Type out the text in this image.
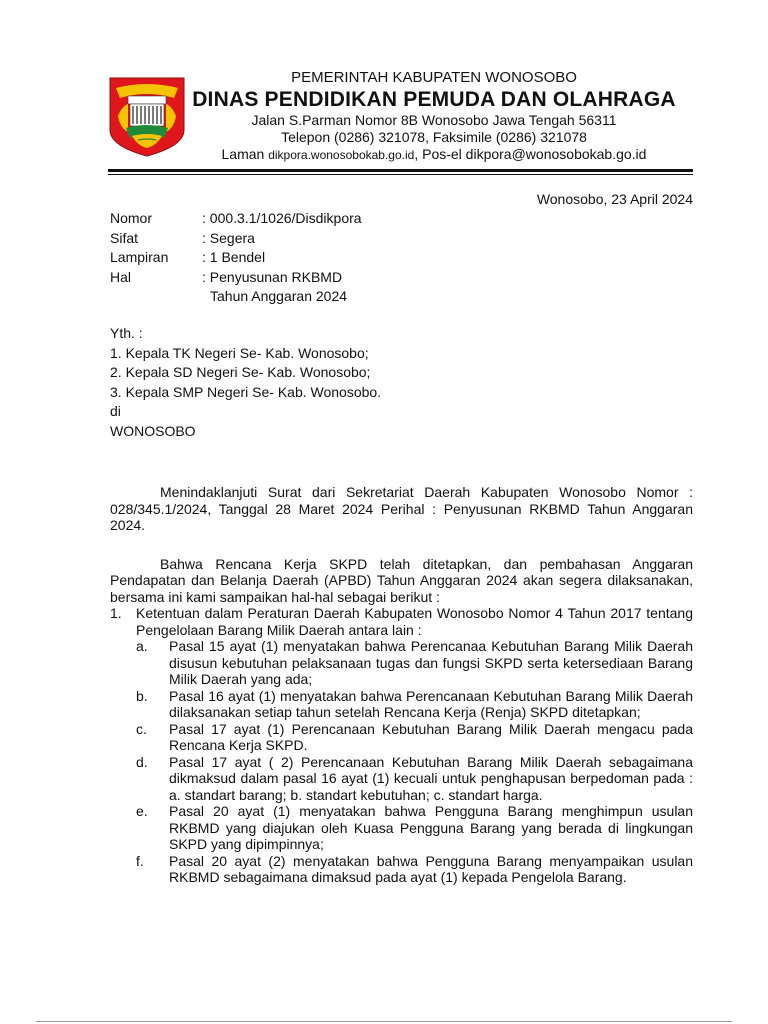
PEMERINTAH KABUPATEN WONOSOBO
DINAS PENDIDIKAN PEMUDA DAN OLAHRAGA
Jalan S.Parman Nomor 8B Wonosobo Jawa Tengah 56311
Telepon (0286) 321078, Faksimile (0286) 321078
Laman dikpora.wonosobokab.go.id, Pos-el dikpora@wonosobokab.go.id
Wonosobo, 23 April 2024
Nomor	: 000.3.1/1026/Disdikpora
Sifat	: Segera
Lampiran	: 1 Bendel
Hal	: Penyusunan RKBMD
Tahun Anggaran 2024
Yth. :
1. Kepala TK Negeri Se- Kab. Wonosobo;
2. Kepala SD Negeri Se- Kab. Wonosobo;
3. Kepala SMP Negeri Se- Kab. Wonosobo.
di
WONOSOBO

Menindaklanjuti Surat dari Sekretariat Daerah Kabupaten Wonosobo Nomor : 028/345.1/2024, Tanggal 28 Maret 2024 Perihal : Penyusunan RKBMD Tahun Anggaran 2024.

Bahwa Rencana Kerja SKPD telah ditetapkan, dan pembahasan Anggaran Pendapatan dan Belanja Daerah (APBD) Tahun Anggaran 2024 akan segera dilaksanakan, bersama ini kami sampaikan hal-hal sebagai berikut :

1.	Ketentuan dalam Peraturan Daerah Kabupaten Wonosobo Nomor 4 Tahun 2017 tentang Pengelolaan Barang Milik Daerah antara lain :
a.	Pasal 15 ayat (1) menyatakan bahwa Perencanaa Kebutuhan Barang Milik Daerah disusun kebutuhan pelaksanaan tugas dan fungsi SKPD serta ketersediaan Barang Milik Daerah yang ada;
b.	Pasal 16 ayat (1) menyatakan bahwa Perencanaan Kebutuhan Barang Milik Daerah dilaksanakan setiap tahun setelah Rencana Kerja (Renja) SKPD ditetapkan;
c.	Pasal 17 ayat (1) Perencanaan Kebutuhan Barang Milik Daerah mengacu pada Rencana Kerja SKPD.
d.	Pasal 17 ayat ( 2) Perencanaan Kebutuhan Barang Milik Daerah sebagaimana dikmaksud dalam pasal 16 ayat (1) kecuali untuk penghapusan berpedoman pada : a. standart barang; b. standart kebutuhan; c. standart harga.
e.	Pasal 20 ayat (1) menyatakan bahwa Pengguna Barang menghimpun usulan RKBMD yang diajukan oleh Kuasa Pengguna Barang yang berada di lingkungan SKPD yang dipimpinnya;
f.	Pasal 20 ayat (2) menyatakan bahwa Pengguna Barang menyampaikan usulan RKBMD sebagaimana dimaksud pada ayat (1) kepada Pengelola Barang.
